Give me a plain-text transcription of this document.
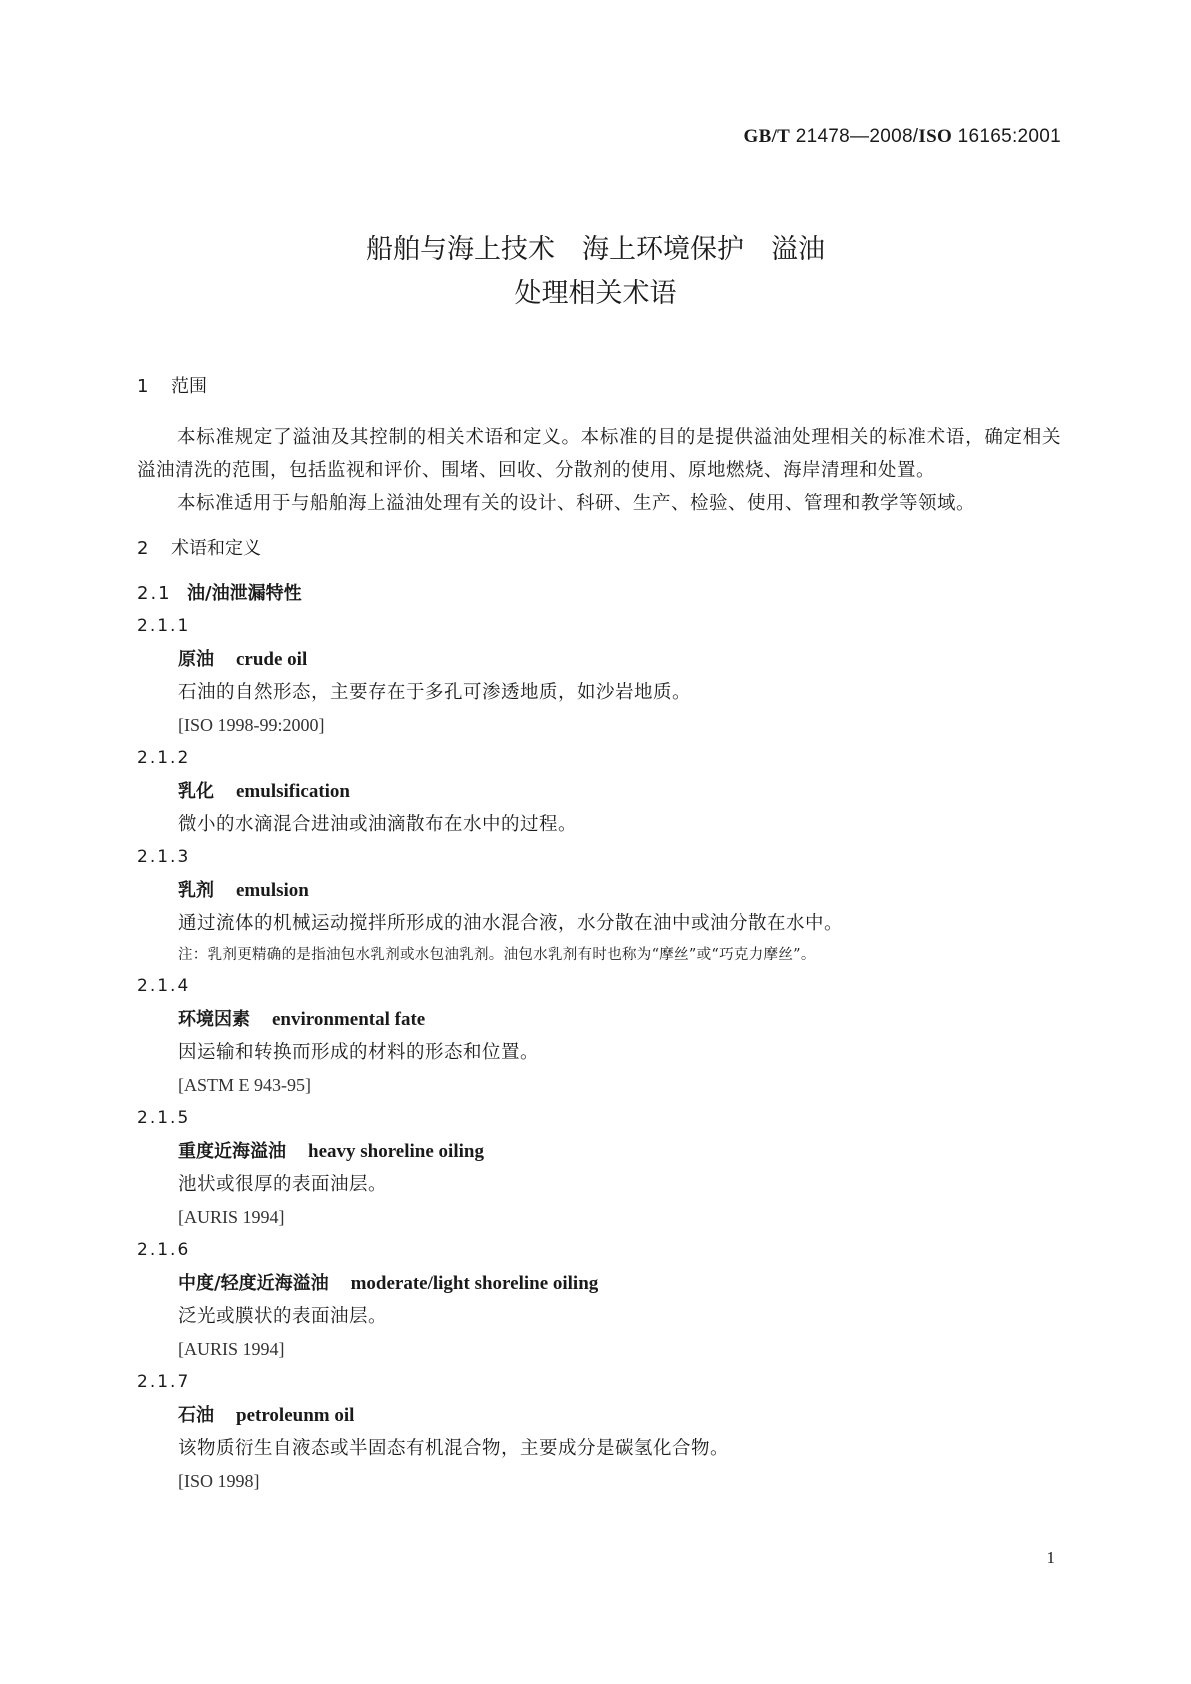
GB/T 21478—2008/ISO 16165:2001
船舶与海上技术　海上环境保护　溢油
处理相关术语
1 范围
本标准规定了溢油及其控制的相关术语和定义。本标准的目的是提供溢油处理相关的标准术语，确定相关溢油清洗的范围，包括监视和评价、围堵、回收、分散剂的使用、原地燃烧、海岸清理和处置。
本标准适用于与船舶海上溢油处理有关的设计、科研、生产、检验、使用、管理和教学等领域。
2 术语和定义
2.1 油/油泄漏特性
2.1.1
原油 crude oil
石油的自然形态，主要存在于多孔可渗透地质，如沙岩地质。
[ISO 1998-99:2000]
2.1.2
乳化 emulsification
微小的水滴混合进油或油滴散布在水中的过程。
2.1.3
乳剂 emulsion
通过流体的机械运动搅拌所形成的油水混合液，水分散在油中或油分散在水中。
注：乳剂更精确的是指油包水乳剂或水包油乳剂。油包水乳剂有时也称为“摩丝”或“巧克力摩丝”。
2.1.4
环境因素 environmental fate
因运输和转换而形成的材料的形态和位置。
[ASTM E 943-95]
2.1.5
重度近海溢油 heavy shoreline oiling
池状或很厚的表面油层。
[AURIS 1994]
2.1.6
中度/轻度近海溢油 moderate/light shoreline oiling
泛光或膜状的表面油层。
[AURIS 1994]
2.1.7
石油 petroleunm oil
该物质衍生自液态或半固态有机混合物，主要成分是碳氢化合物。
[ISO 1998]
1
